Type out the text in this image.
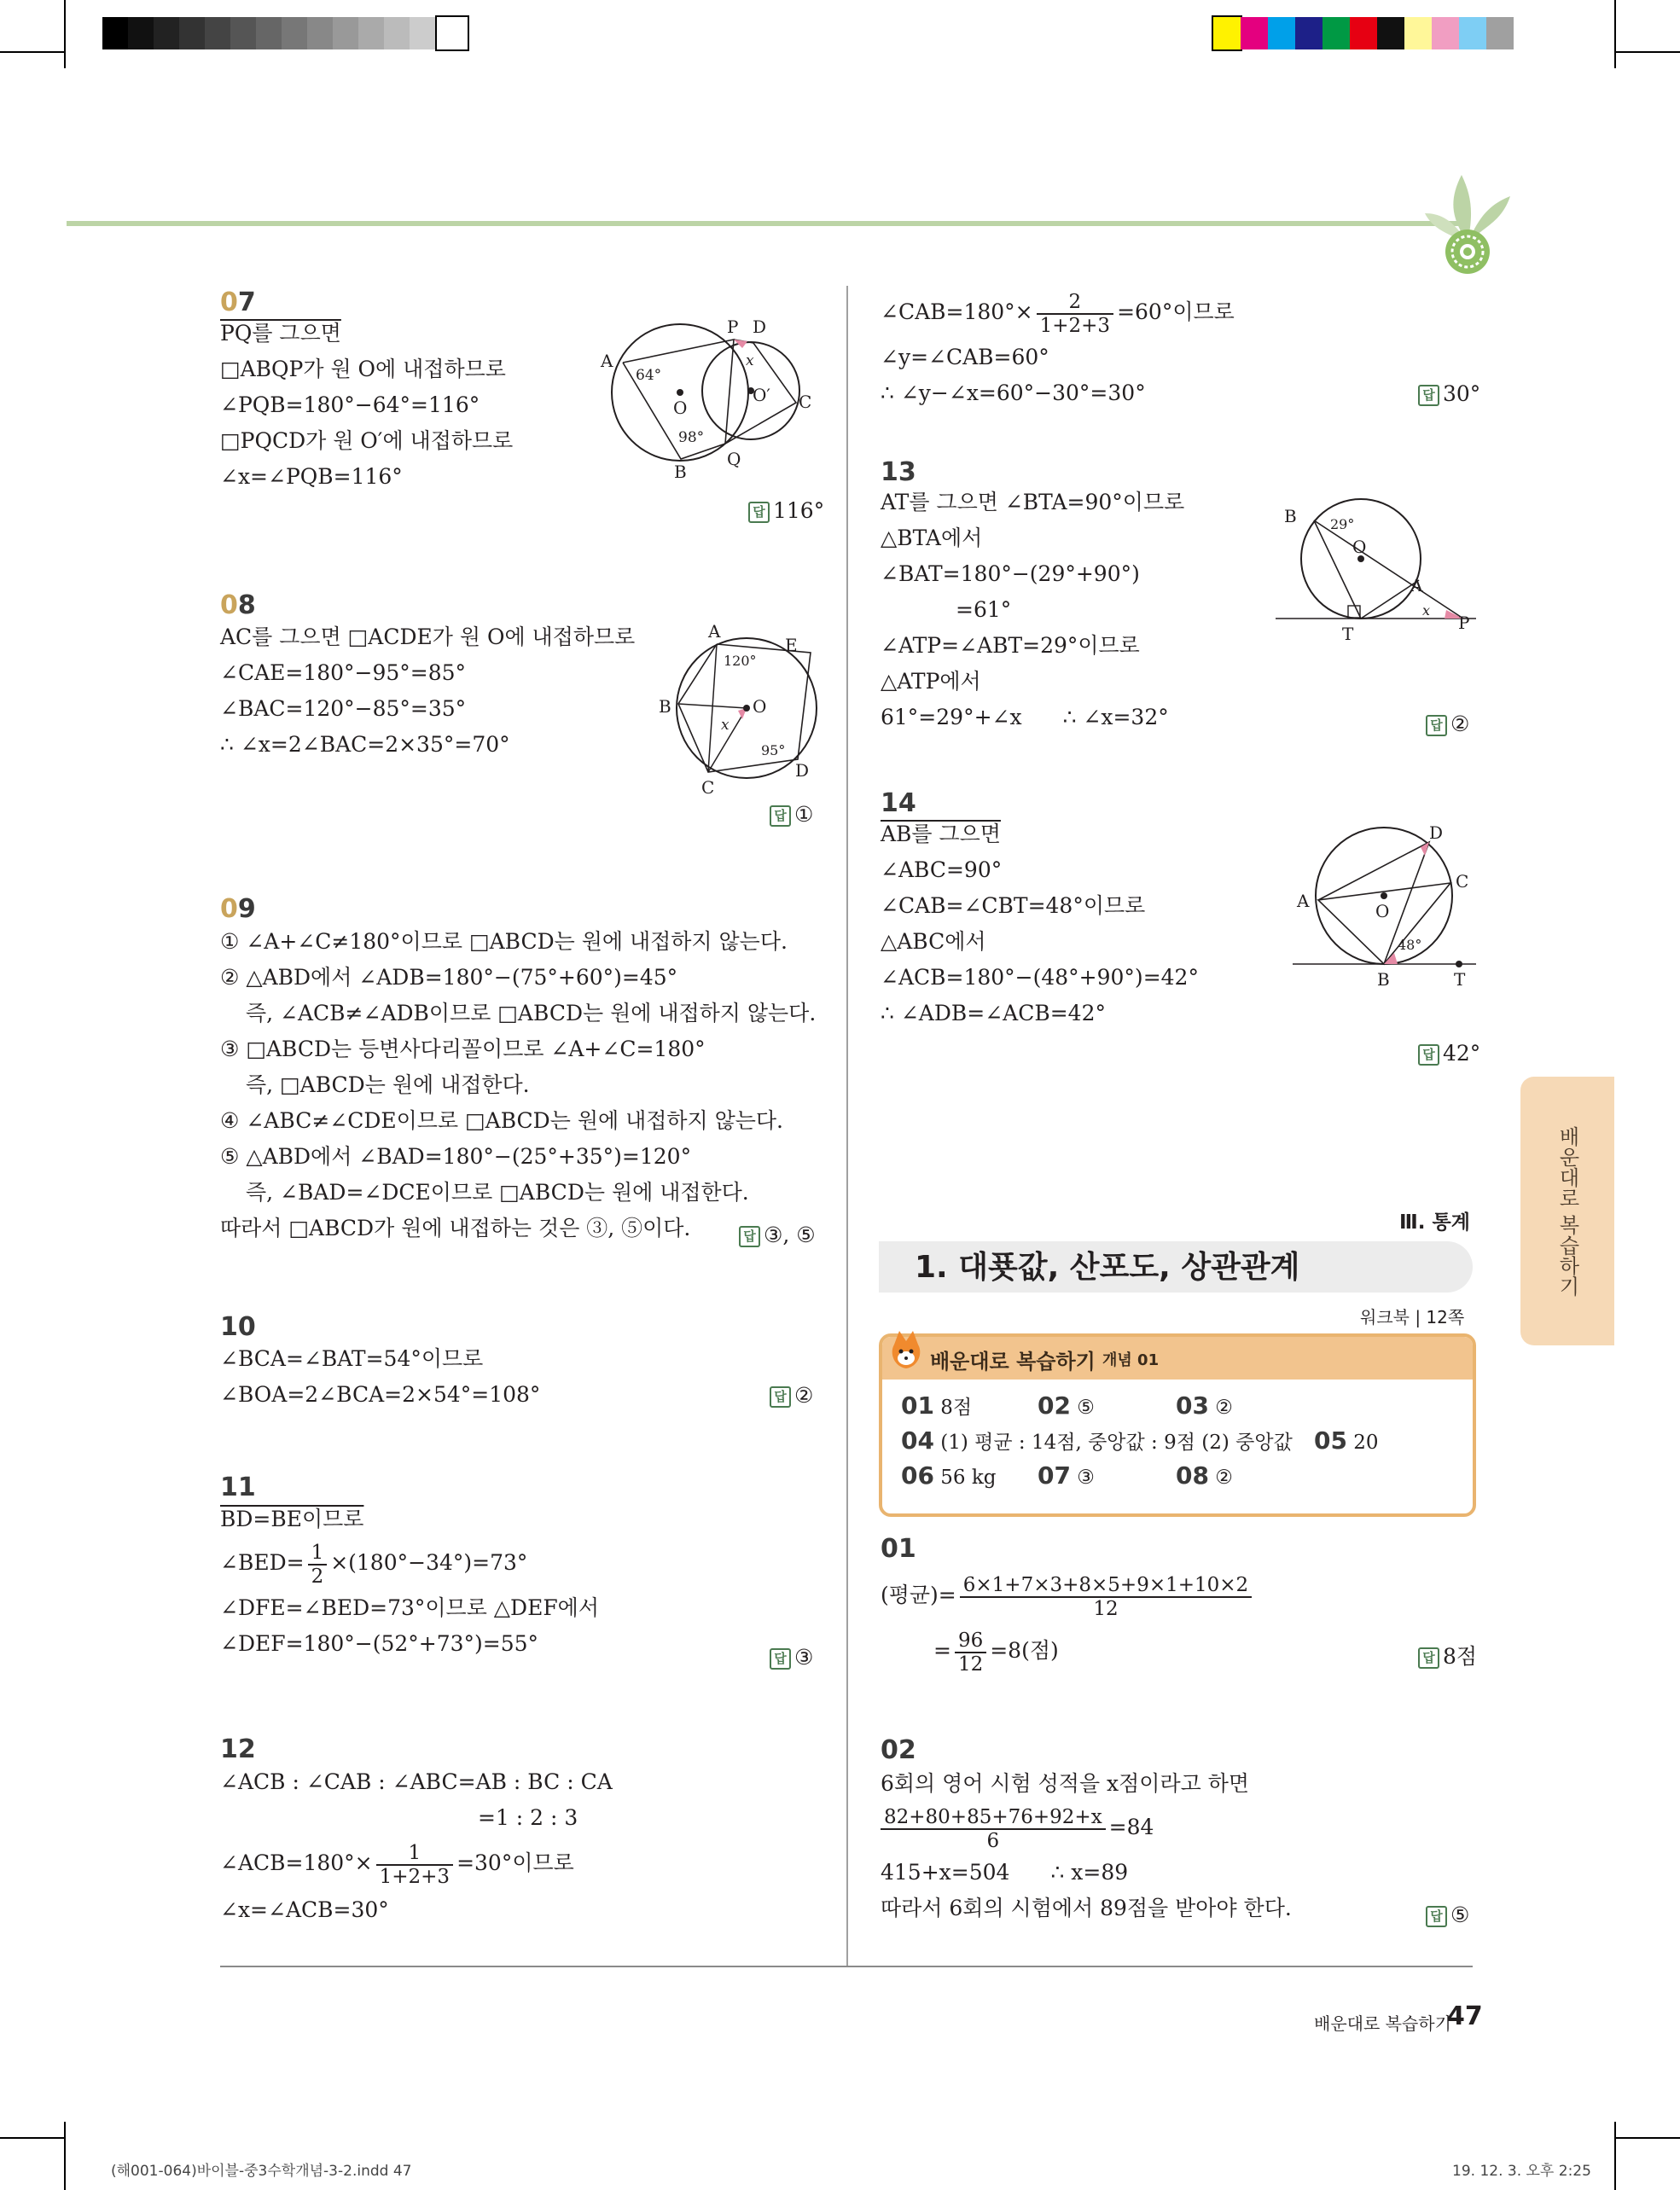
07
PQ를 그으면
□ABQP가 원 O에 내접하므로
∠PQB=180°−64°=116°
□PQCD가 원 O′에 내접하므로
∠x=∠PQB=116°
A
P D
O
O′ C
B
Q
64°
98°
x
답 116°
08
AC를 그으면 □ACDE가 원 O에 내접하므로
∠CAE=180°−95°=85°
∠BAC=120°−85°=35°
∴ ∠x=2∠BAC=2×35°=70°
A
E
B	O
C
D
120°
95°
x
답 ①
09
① ∠A+∠C≠180°이므로 □ABCD는 원에 내접하지 않는다.
② △ABD에서 ∠ADB=180°−(75°+60°)=45°
즉, ∠ACB≠∠ADB이므로 □ABCD는 원에 내접하지 않는다.
③ □ABCD는 등변사다리꼴이므로 ∠A+∠C=180°
즉, □ABCD는 원에 내접한다.
④ ∠ABC≠∠CDE이므로 □ABCD는 원에 내접하지 않는다.
⑤ △ABD에서 ∠BAD=180°−(25°+35°)=120°
즉, ∠BAD=∠DCE이므로 □ABCD는 원에 내접한다.
따라서 □ABCD가 원에 내접하는 것은 ③, ⑤이다.	답 ③, ⑤
10
∠BCA=∠BAT=54°이므로
∠BOA=2∠BCA=2×54°=108°	답 ②
11
BD=BE이므로
∠BED= $\frac{1}{2} \times(180^\circ-34^\circ)=73^\circ$
∠DFE=∠BED=73°이므로 △DEF에서
∠DEF=180°−(52°+73°)=55°
답 ③
12
∠ACB : ∠CAB : ∠ABC=AB : BC : CA
=1 : 2 : 3
∠ACB=180°× $\frac{1}{1+2+3} =30^\circ$이므로
∠x=∠ACB=30°
∠CAB=180°× $\frac{2}{1+2+3} =60^\circ$이므로
∠y=∠CAB=60°
∴ ∠y−∠x=60°−30°=30°	답 30°
13
AT를 그으면 ∠BTA=90°이므로
△BTA에서
∠BAT=180°−(29°+90°)
=61°
∠ATP=∠ABT=29°이므로
△ATP에서
61°=29°+∠x ∴ ∠x=32°
B 29°
O
A
T
x
P
답 ②
14
AB를 그으면
∠ABC=90°
∠CAB=∠CBT=48°이므로
△ABC에서
∠ACB=180°−(48°+90°)=42°
∴ ∠ADB=∠ACB=42°
D
A	O
C
B	T
48°
답 42°
배운대로 복습하기
Ⅲ. 통계
1. 대푯값, 산포도, 상관관계
워크북 | 12쪽
배운대로 복습하기 개념 01
01 8점	02 ⑤	03 ②
04 (1) 평균 : 14점, 중앙값 : 9점 (2) 중앙값 05 20
06 56 kg 07 ③	08 ②
01
(평균)= $\frac{6\times 1+7\times 3+8\times 5+9\times 1+10\times 2}{12}$
= $\frac{96}{12} =8$(점)	답 8점
02
6회의 영어 시험 성적을 x점이라고 하면
$\frac{82+80+85+76+92+x}{6} =84$
415+x=504 ∴ x=89
따라서 6회의 시험에서 89점을 받아야 한다.	답 ⑤
배운대로 복습하기
47
(해001-064)바이블-중3수학개념-3-2.indd 47	19. 12. 3. 오후 2:25
